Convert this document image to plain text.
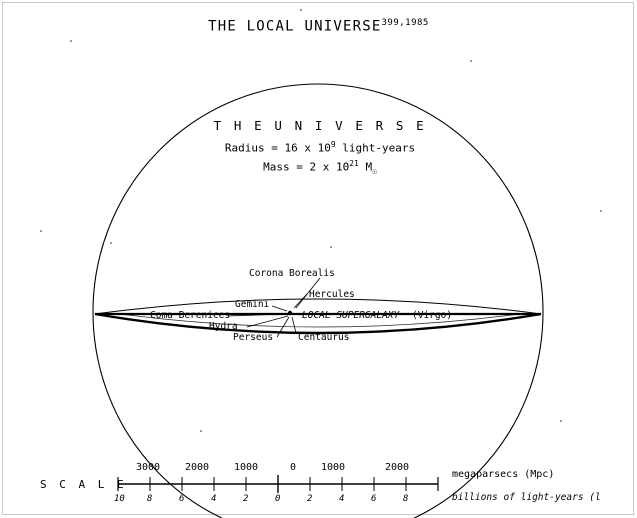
THE LOCAL $UNIVERSE^{399,1985}$
T H E U N I V E R S E
Radius = 16 x $10^9$ light-years
Mass = 2 x $10^{21}$ $M_☉$
Corona Borealis
Hercules
Gemini
Coma Berenices	LOCAL SUPERGALAXY (Virgo)
Hydra
Perseus	Centaurus
S C A L E
3000 2000 1000	0 1000	2000
10 8	6	4	2	0	2	4	6	8
megaparsecs (Mpc)
billions of light-years (l
